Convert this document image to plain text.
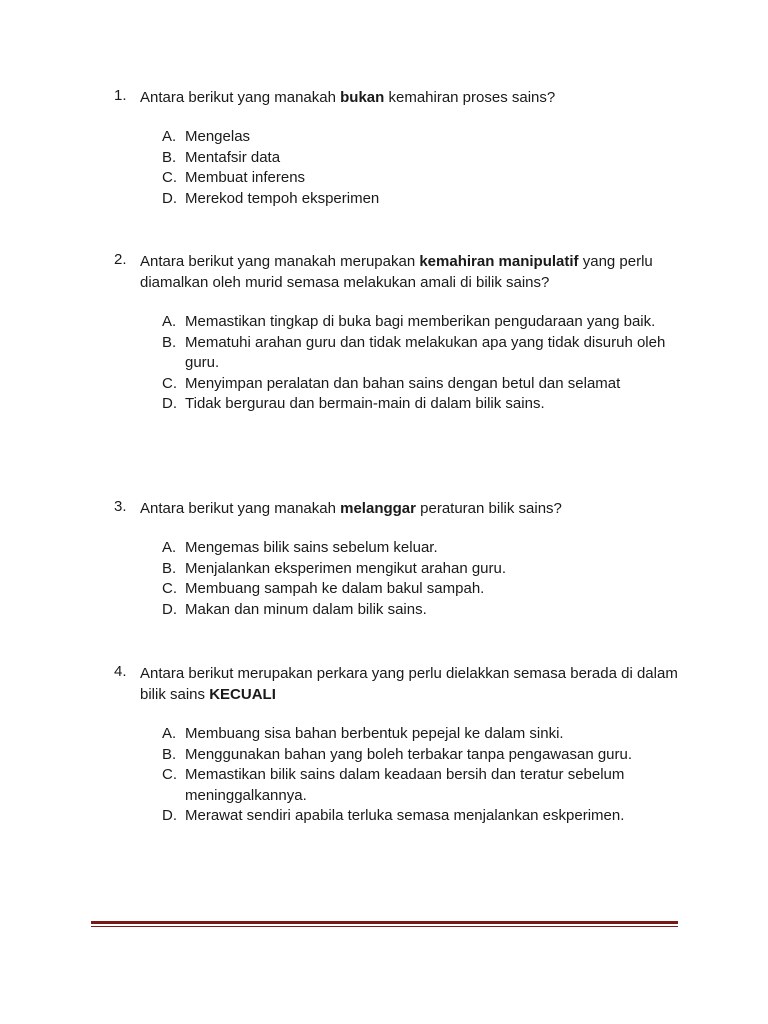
1. Antara berikut yang manakah bukan kemahiran proses sains?
A. Mengelas
B. Mentafsir data
C. Membuat inferens
D. Merekod tempoh eksperimen
2. Antara berikut yang manakah merupakan kemahiran manipulatif yang perlu diamalkan oleh murid semasa melakukan amali di bilik sains?
A. Memastikan tingkap di buka bagi memberikan pengudaraan yang baik.
B. Mematuhi arahan guru dan tidak melakukan apa yang tidak disuruh oleh guru.
C. Menyimpan peralatan dan bahan sains dengan betul dan selamat
D. Tidak bergurau dan bermain-main di dalam bilik sains.
3. Antara berikut yang manakah melanggar peraturan bilik sains?
A. Mengemas bilik sains sebelum keluar.
B. Menjalankan eksperimen mengikut arahan guru.
C. Membuang sampah ke dalam bakul sampah.
D. Makan dan minum dalam bilik sains.
4. Antara berikut merupakan perkara yang perlu dielakkan semasa berada di dalam bilik sains KECUALI
A. Membuang sisa bahan berbentuk pepejal ke dalam sinki.
B. Menggunakan bahan yang boleh terbakar tanpa pengawasan guru.
C. Memastikan bilik sains dalam keadaan bersih dan teratur sebelum meninggalkannya.
D. Merawat sendiri apabila terluka semasa menjalankan eskperimen.
